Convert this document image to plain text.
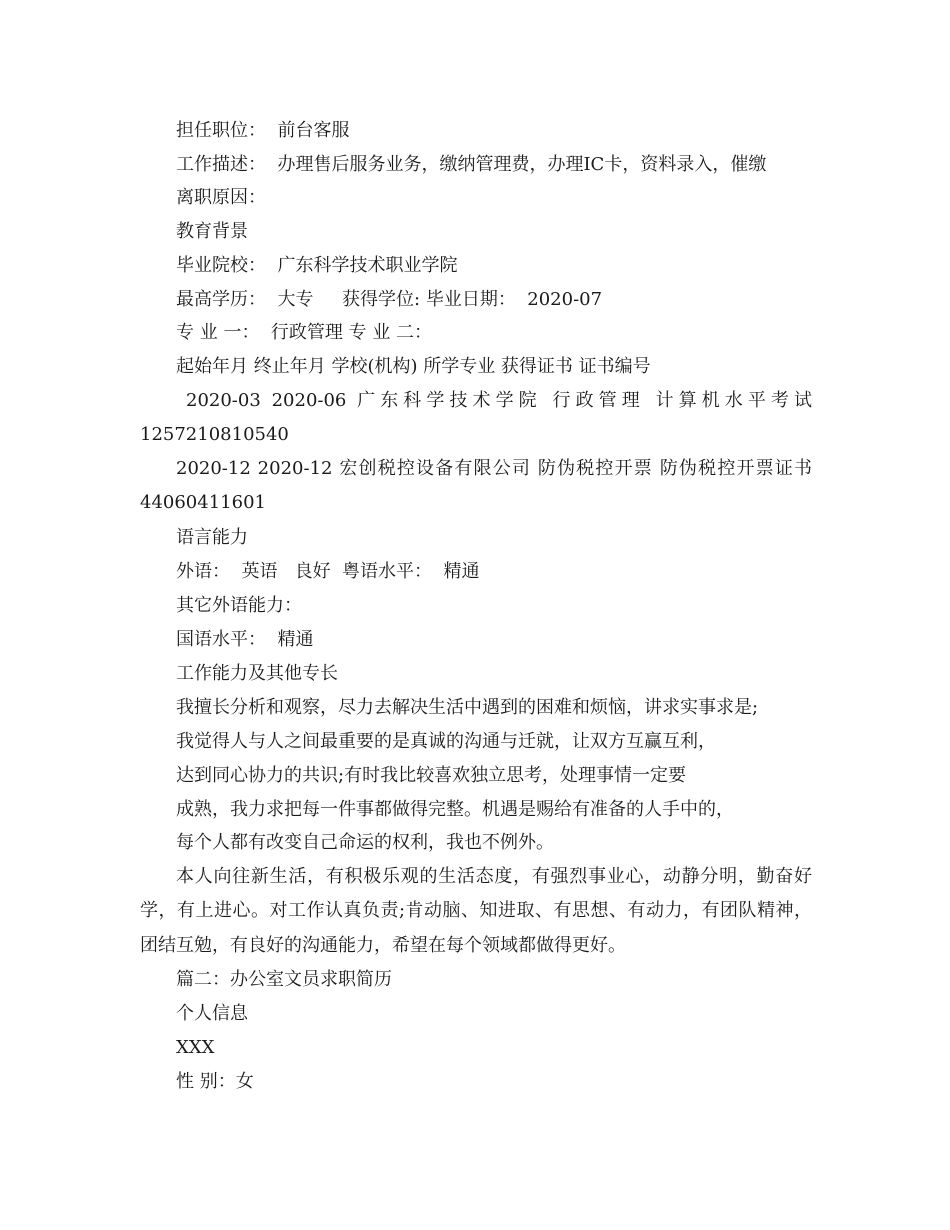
担任职位：  前台客服
工作描述：  办理售后服务业务，缴纳管理费，办理IC卡，资料录入，催缴
离职原因：
教育背景
毕业院校：  广东科学技术职业学院
最高学历：  大专     获得学位: 毕业日期：  2020-07
专 业 一：  行政管理 专 业 二：
起始年月 终止年月 学校(机构) 所学专业 获得证书 证书编号
2020-03 2020-06 广东科学技术学院 行政管理 计算机水平考试
1257210810540
2020-12 2020-12 宏创税控设备有限公司 防伪税控开票 防伪税控开票证书
44060411601
语言能力
外语：  英语   良好  粤语水平：  精通
其它外语能力：
国语水平：  精通
工作能力及其他专长
我擅长分析和观察，尽力去解决生活中遇到的困难和烦恼，讲求实事求是;
我觉得人与人之间最重要的是真诚的沟通与迁就，让双方互赢互利，
达到同心协力的共识;有时我比较喜欢独立思考，处理事情一定要
成熟，我力求把每一件事都做得完整。机遇是赐给有准备的人手中的，
每个人都有改变自己命运的权利，我也不例外。
本人向往新生活，有积极乐观的生活态度，有强烈事业心，动静分明，勤奋好
学，有上进心。对工作认真负责;肯动脑、知进取、有思想、有动力，有团队精神，
团结互勉，有良好的沟通能力，希望在每个领域都做得更好。
篇二：办公室文员求职简历
个人信息
XXX
性 别：女
